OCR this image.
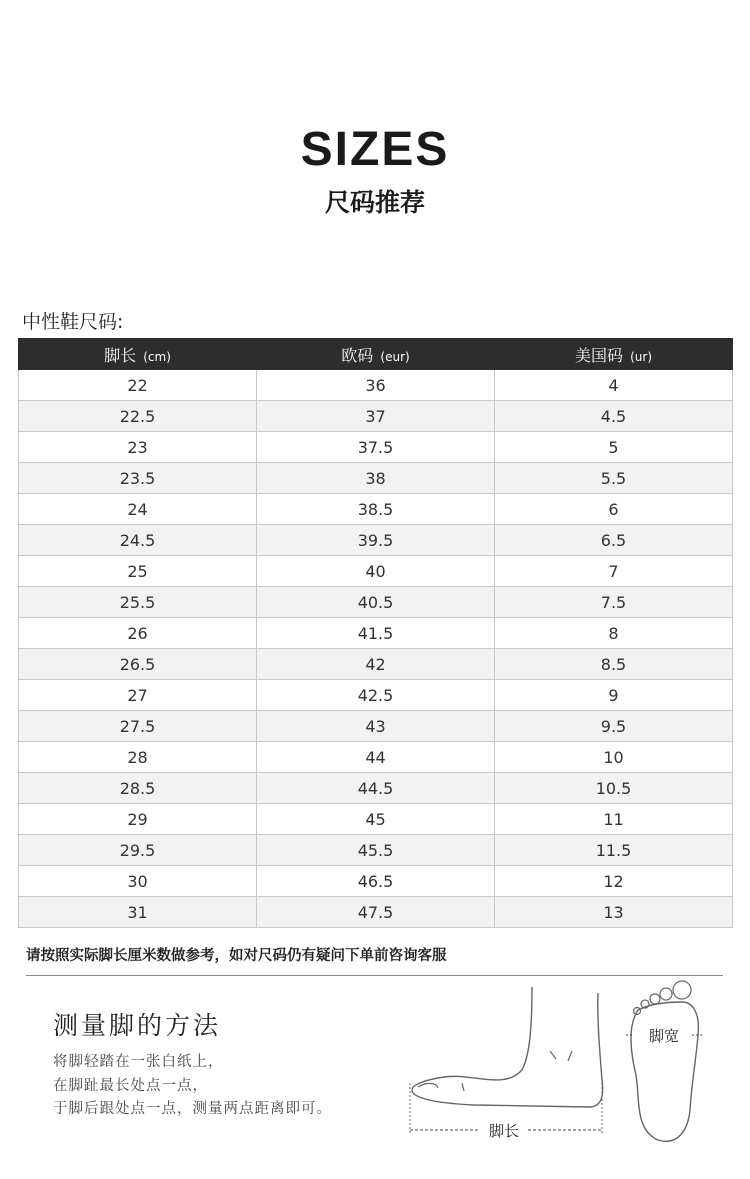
SIZES
尺码推荐
中性鞋尺码:
脚长 (cm)	欧码 (eur)	美国码 (ur)
22	36	4
22.5	37	4.5
23	37.5	5
23.5	38	5.5
24	38.5	6
24.5	39.5	6.5
25	40	7
25.5	40.5	7.5
26	41.5	8
26.5	42	8.5
27	42.5	9
27.5	43	9.5
28	44	10
28.5	44.5	10.5
29	45	11
29.5	45.5	11.5
30	46.5	12
31	47.5	13
请按照实际脚长厘米数做参考，如对尺码仍有疑问下单前咨询客服
测量脚的方法
将脚轻踏在一张白纸上，
在脚趾最长处点一点，
于脚后跟处点一点，测量两点距离即可。
脚长
脚宽
